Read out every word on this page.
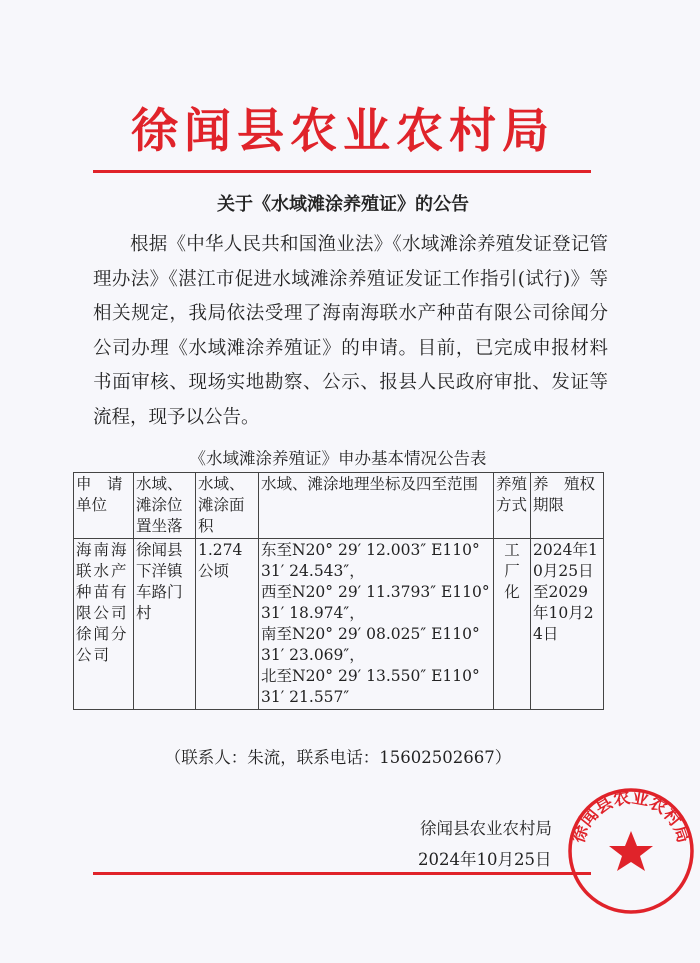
徐闻县农业农村局
关于《水域滩涂养殖证》的公告
根据《中华人民共和国渔业法》《水域滩涂养殖发证登记管理办法》《湛江市促进水域滩涂养殖证发证工作指引(试行)》等相关规定，我局依法受理了海南海联水产种苗有限公司徐闻分公司办理《水域滩涂养殖证》的申请。目前，已完成申报材料书面审核、现场实地勘察、公示、报县人民政府审批、发证等流程，现予以公告。
《水域滩涂养殖证》申办基本情况公告表
申　请单位	水域、滩涂位置坐落	水域、滩涂面积	水域、滩涂地理坐标及四至范围	养殖方式	养　殖权　期限
海南海联水产种苗有限公司徐闻分公司	徐闻县下洋镇车路门村	1.274公顷	东至N20° 29′ 12.003″ E110° 31′ 24.543″，
西至N20° 29′ 11.3793″ E110° 31′ 18.974″，
南至N20° 29′ 08.025″ E110° 31′ 23.069″，
北至N20° 29′ 13.550″ E110° 31′ 21.557″	工厂化	2024年10月25日至2029年10月24日
（联系人：朱流，联系电话：15602502667）
徐闻县农业农村局
徐闻县农业农村局
2024年10月25日
